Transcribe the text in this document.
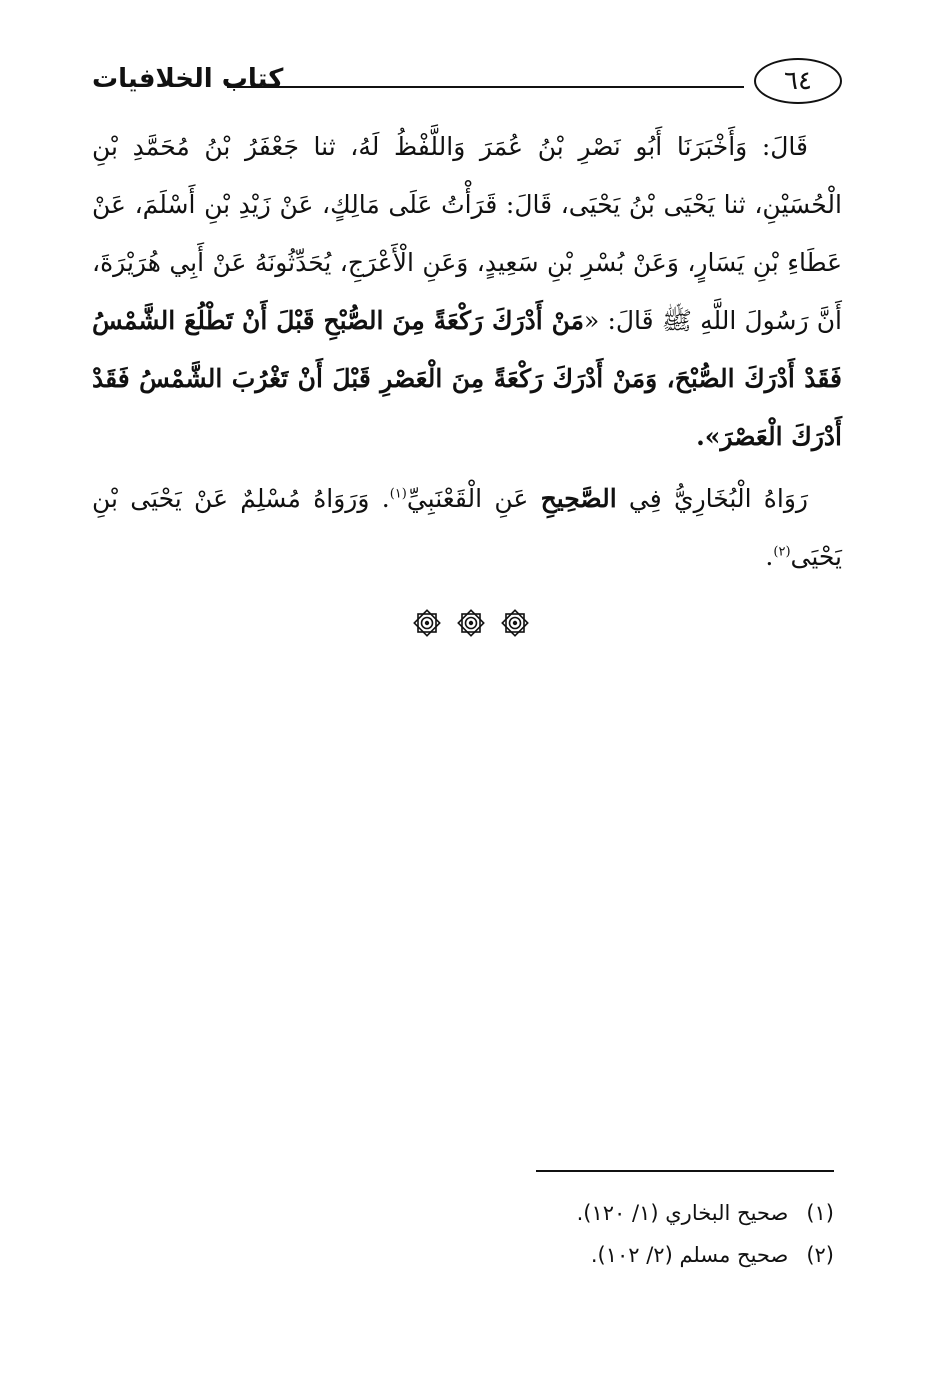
٦٤
كتاب الخلافيات

قَالَ: وَأَخْبَرَنَا أَبُو نَصْرِ بْنُ عُمَرَ وَاللَّفْظُ لَهُ، ثنا جَعْفَرُ بْنُ مُحَمَّدِ بْنِ الْحُسَيْنِ، ثنا يَحْيَى بْنُ يَحْيَى، قَالَ: قَرَأْتُ عَلَى مَالِكٍ، عَنْ زَيْدِ بْنِ أَسْلَمَ، عَنْ عَطَاءِ بْنِ يَسَارٍ، وَعَنْ بُسْرِ بْنِ سَعِيدٍ، وَعَنِ الْأَعْرَجِ، يُحَدِّثُونَهُ عَنْ أَبِي هُرَيْرَةَ، أَنَّ رَسُولَ اللَّهِ ﷺ قَالَ: «مَنْ أَدْرَكَ رَكْعَةً مِنَ الصُّبْحِ قَبْلَ أَنْ تَطْلُعَ الشَّمْسُ فَقَدْ أَدْرَكَ الصُّبْحَ، وَمَنْ أَدْرَكَ رَكْعَةً مِنَ الْعَصْرِ قَبْلَ أَنْ تَغْرُبَ الشَّمْسُ فَقَدْ أَدْرَكَ الْعَصْرَ».

رَوَاهُ الْبُخَارِيُّ فِي الصَّحِيحِ عَنِ الْقَعْنَبِيِّ$^{(١)}$. وَرَوَاهُ مُسْلِمٌ عَنْ يَحْيَى بْنِ يَحْيَى$^{(٢)}$.

(١)
صحيح البخاري (١/ ١٢٠).
(٢)
صحيح مسلم (٢/ ١٠٢).
